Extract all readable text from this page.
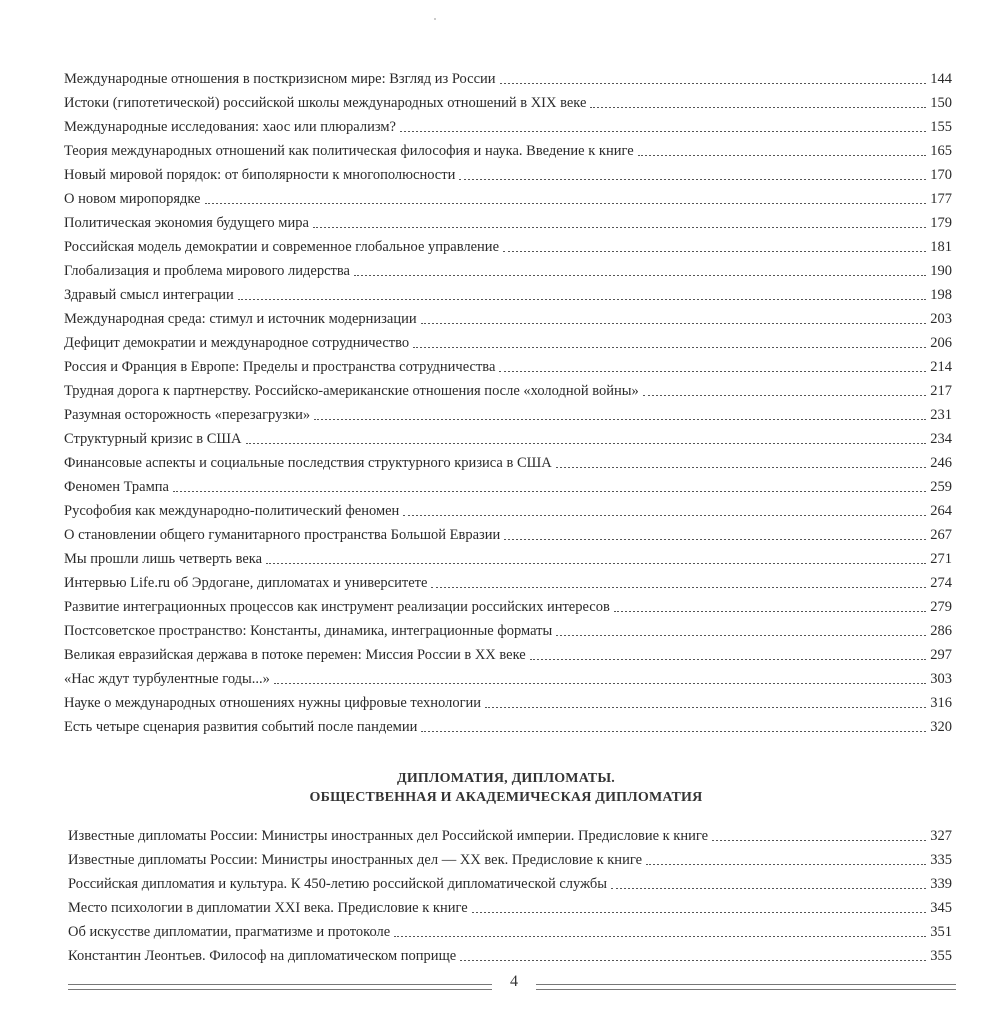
Международные отношения в посткризисном мире: Взгляд из России	144
Истоки (гипотетической) российской школы международных отношений в XIX веке	150
Международные исследования: хаос или плюрализм?	155
Теория международных отношений как политическая философия и наука. Введение к книге	165
Новый мировой порядок: от биполярности к многополюсности	170
О новом миропорядке	177
Политическая экономия будущего мира	179
Российская модель демократии и современное глобальное управление	181
Глобализация и проблема мирового лидерства	190
Здравый смысл интеграции	198
Международная среда: стимул и источник модернизации	203
Дефицит демократии и международное сотрудничество	206
Россия и Франция в Европе: Пределы и пространства сотрудничества	214
Трудная дорога к партнерству. Российско-американские отношения после «холодной войны»	217
Разумная осторожность «перезагрузки»	231
Структурный кризис в США	234
Финансовые аспекты и социальные последствия структурного кризиса в США	246
Феномен Трампа	259
Русофобия как международно-политический феномен	264
О становлении общего гуманитарного пространства Большой Евразии	267
Мы прошли лишь четверть века	271
Интервью Life.ru об Эрдогане, дипломатах и университете	274
Развитие интеграционных процессов как инструмент реализации российских интересов	279
Постсоветское пространство: Константы, динамика, интеграционные форматы	286
Великая евразийская держава в потоке перемен: Миссия России в XX веке	297
«Нас ждут турбулентные годы...»	303
Науке о международных отношениях нужны цифровые технологии	316
Есть четыре сценария развития событий после пандемии	320
ДИПЛОМАТИЯ, ДИПЛОМАТЫ.
ОБЩЕСТВЕННАЯ И АКАДЕМИЧЕСКАЯ ДИПЛОМАТИЯ
Известные дипломаты России: Министры иностранных дел Российской империи. Предисловие к книге	327
Известные дипломаты России: Министры иностранных дел — XX век. Предисловие к книге	335
Российская дипломатия и культура. К 450-летию российской дипломатической службы	339
Место психологии в дипломатии XXI века. Предисловие к книге	345
Об искусстве дипломатии, прагматизме и протоколе	351
Константин Леонтьев. Философ на дипломатическом поприще	355
4
